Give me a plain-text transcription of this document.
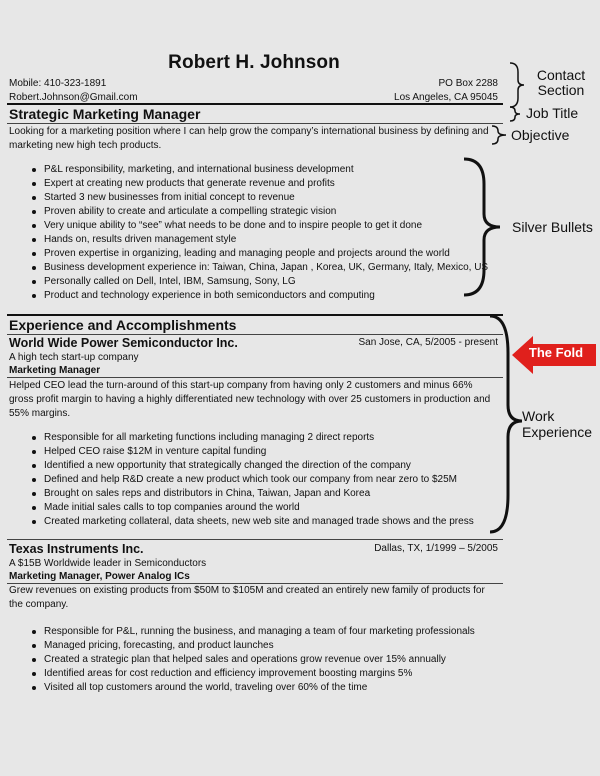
Robert H. Johnson
Mobile: 410-323-1891
Robert.Johnson@Gmail.com
PO Box 2288
Los Angeles, CA 95045
Strategic Marketing Manager
Looking for a marketing position where I can help grow the company’s international business by defining and marketing new high tech products.
P&L responsibility, marketing, and international business development
Expert at creating new products that generate revenue and profits
Started 3 new businesses from initial concept to revenue
Proven ability to create and articulate a compelling strategic vision
Very unique ability to “see” what needs to be done and to inspire people to get it done
Hands on, results driven management style
Proven expertise in organizing, leading and managing people and projects around the world
Business development experience in: Taiwan, China, Japan , Korea, UK, Germany, Italy, Mexico, US
Personally called on Dell, Intel, IBM, Samsung, Sony, LG
Product and technology experience in both semiconductors and computing
Experience and Accomplishments
World Wide Power Semiconductor Inc.	San Jose, CA, 5/2005 - present
A high tech start-up company
Marketing Manager
Helped CEO lead the turn-around of this start-up company from having only 2 customers and minus 66% gross profit margin to having a highly differentiated new technology with over 25 customers in production and 55% margins.
Responsible for all marketing functions including managing 2 direct reports
Helped CEO raise $12M in venture capital funding
Identified a new opportunity that strategically changed the direction of the company
Defined and help R&D create a new product which took our company from near zero to $25M
Brought on sales reps and distributors in China, Taiwan, Japan and Korea
Made initial sales calls to top companies around the world
Created marketing collateral, data sheets, new web site and managed trade shows and the press
Texas Instruments Inc.	Dallas, TX, 1/1999 – 5/2005
A $15B Worldwide leader in Semiconductors
Marketing Manager, Power Analog ICs
Grew revenues on existing products from $50M to $105M and created an entirely new family of products for the company.
Responsible for P&L, running the business, and managing a team of four marketing professionals
Managed pricing, forecasting, and product launches
Created a strategic plan that helped sales and operations grow revenue over 15% annually
Identified areas for cost reduction and efficiency improvement boosting margins 5%
Visited all top customers around the world, traveling over 60% of the time
The Fold
Contact Section
Job Title
Objective
Silver Bullets
Work Experience
